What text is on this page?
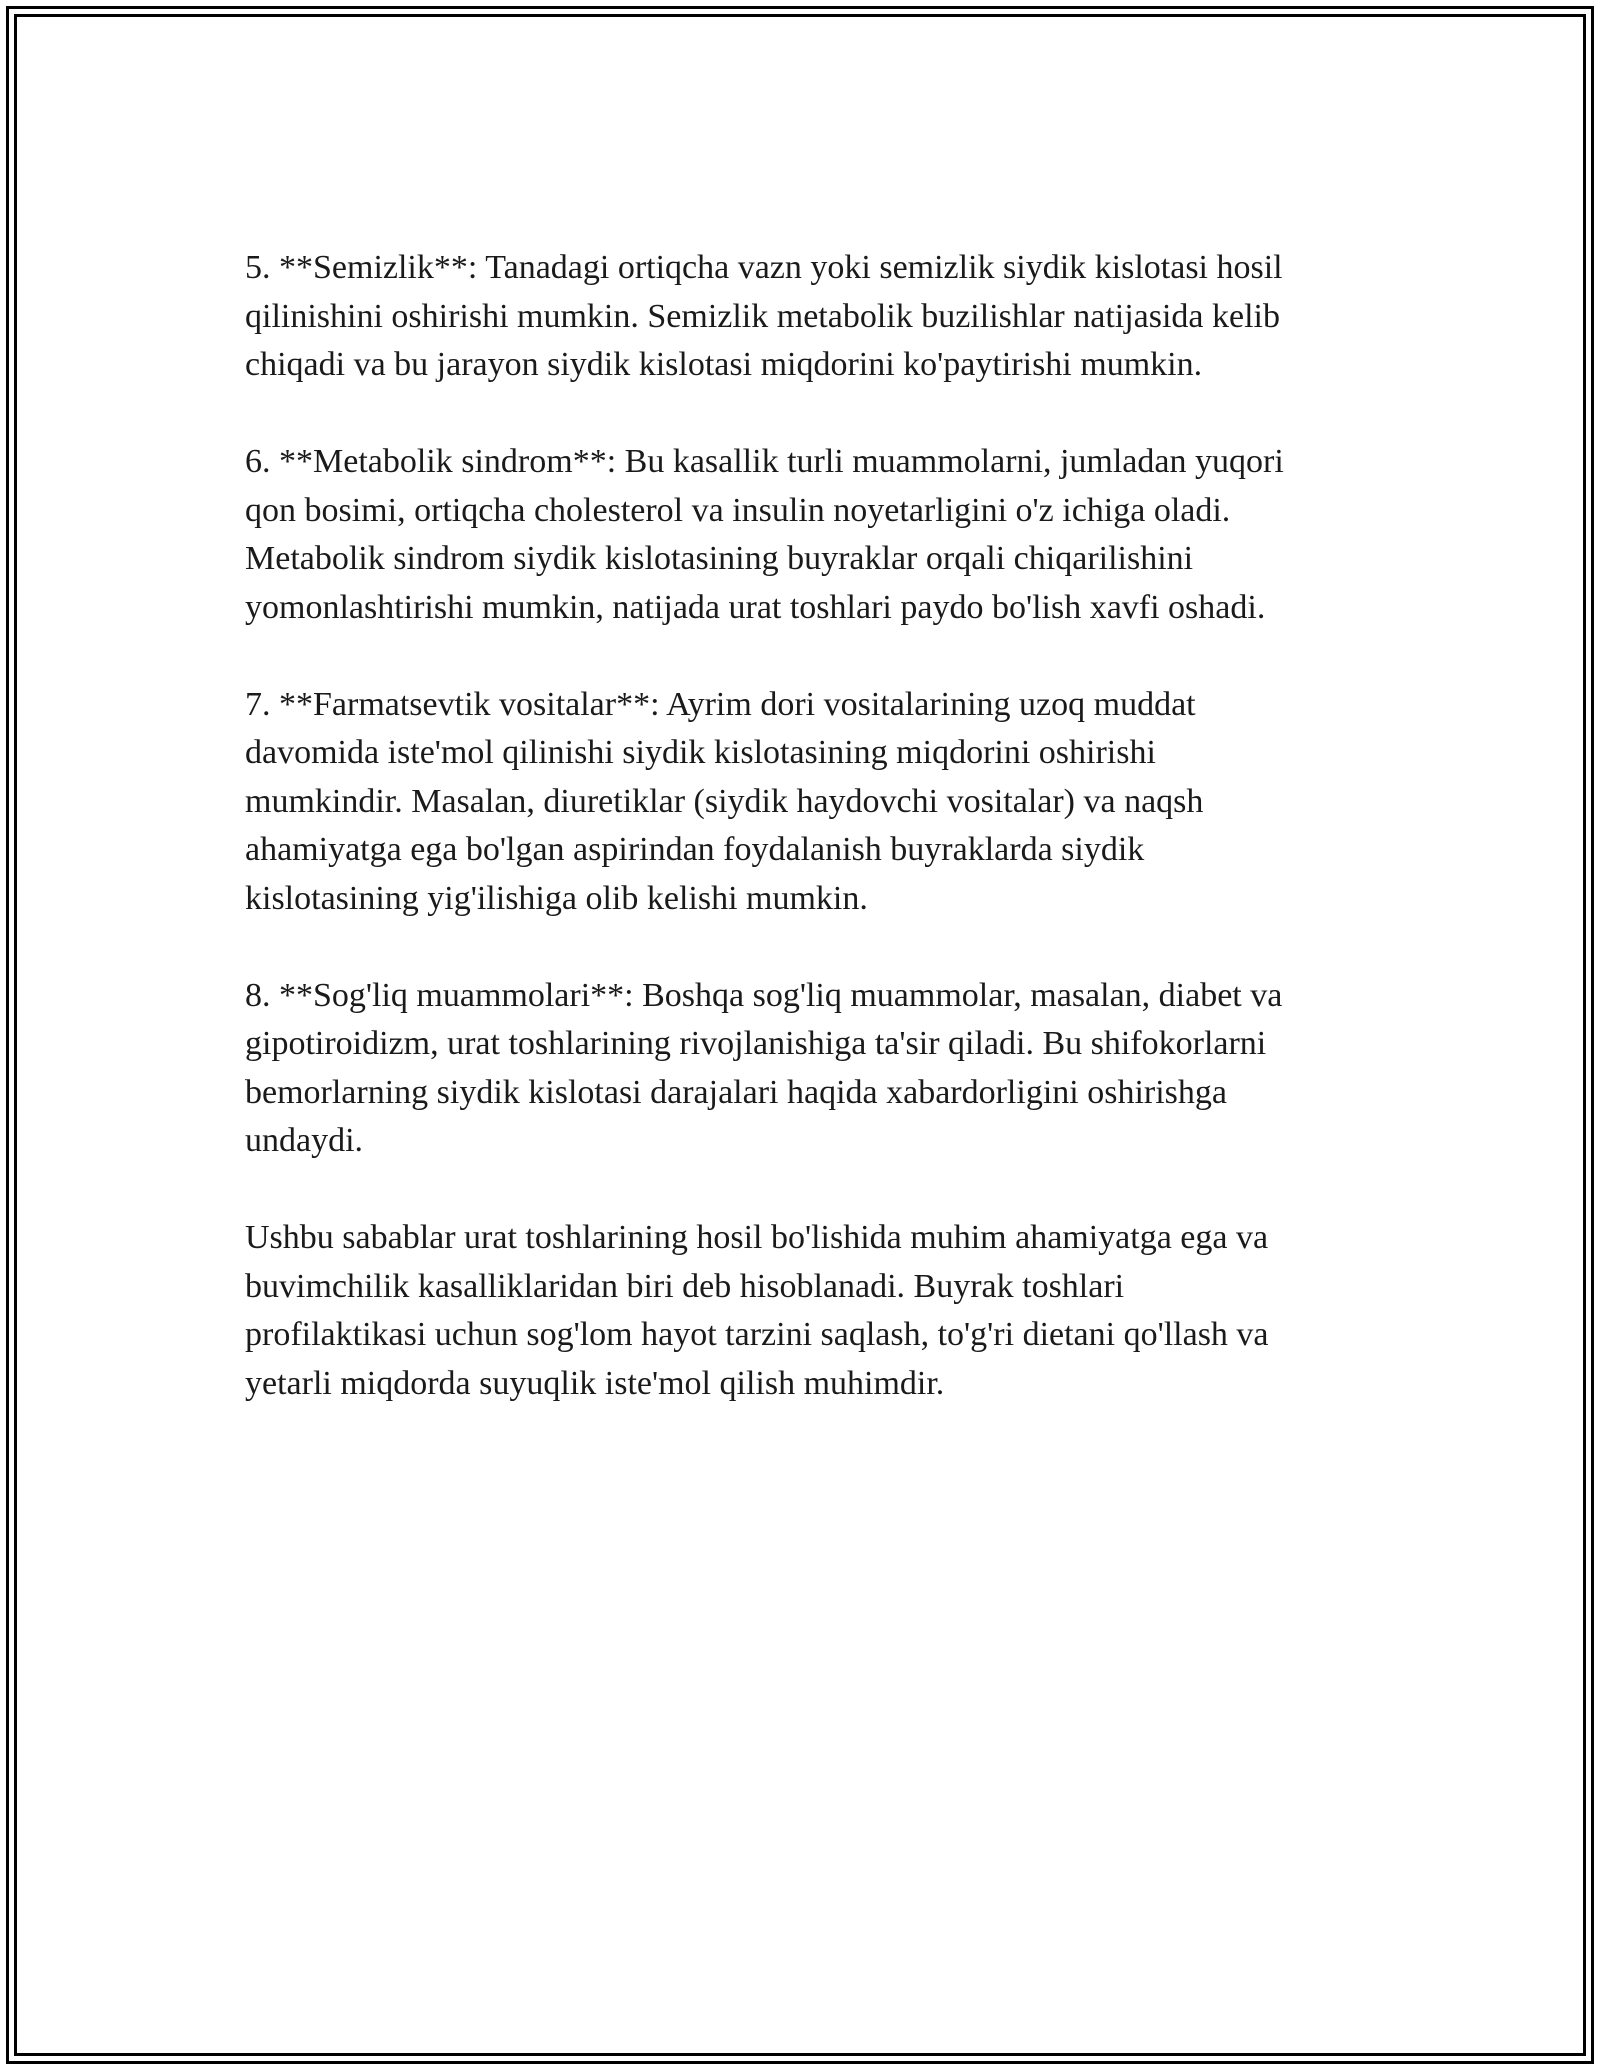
5. **Semizlik**: Tanadagi ortiqcha vazn yoki semizlik siydik kislotasi hosil
qilinishini oshirishi mumkin. Semizlik metabolik buzilishlar natijasida kelib
chiqadi va bu jarayon siydik kislotasi miqdorini ko'paytirishi mumkin.

6. **Metabolik sindrom**: Bu kasallik turli muammolarni, jumladan yuqori
qon bosimi, ortiqcha cholesterol va insulin noyetarligini o'z ichiga oladi.
Metabolik sindrom siydik kislotasining buyraklar orqali chiqarilishini
yomonlashtirishi mumkin, natijada urat toshlari paydo bo'lish xavfi oshadi.

7. **Farmatsevtik vositalar**: Ayrim dori vositalarining uzoq muddat
davomida iste'mol qilinishi siydik kislotasining miqdorini oshirishi
mumkindir. Masalan, diuretiklar (siydik haydovchi vositalar) va naqsh
ahamiyatga ega bo'lgan aspirindan foydalanish buyraklarda siydik
kislotasining yig'ilishiga olib kelishi mumkin.

8. **Sog'liq muammolari**: Boshqa sog'liq muammolar, masalan, diabet va
gipotiroidizm, urat toshlarining rivojlanishiga ta'sir qiladi. Bu shifokorlarni
bemorlarning siydik kislotasi darajalari haqida xabardorligini oshirishga
undaydi.

Ushbu sabablar urat toshlarining hosil bo'lishida muhim ahamiyatga ega va
buvimchilik kasalliklaridan biri deb hisoblanadi. Buyrak toshlari
profilaktikasi uchun sog'lom hayot tarzini saqlash, to'g'ri dietani qo'llash va
yetarli miqdorda suyuqlik iste'mol qilish muhimdir.
